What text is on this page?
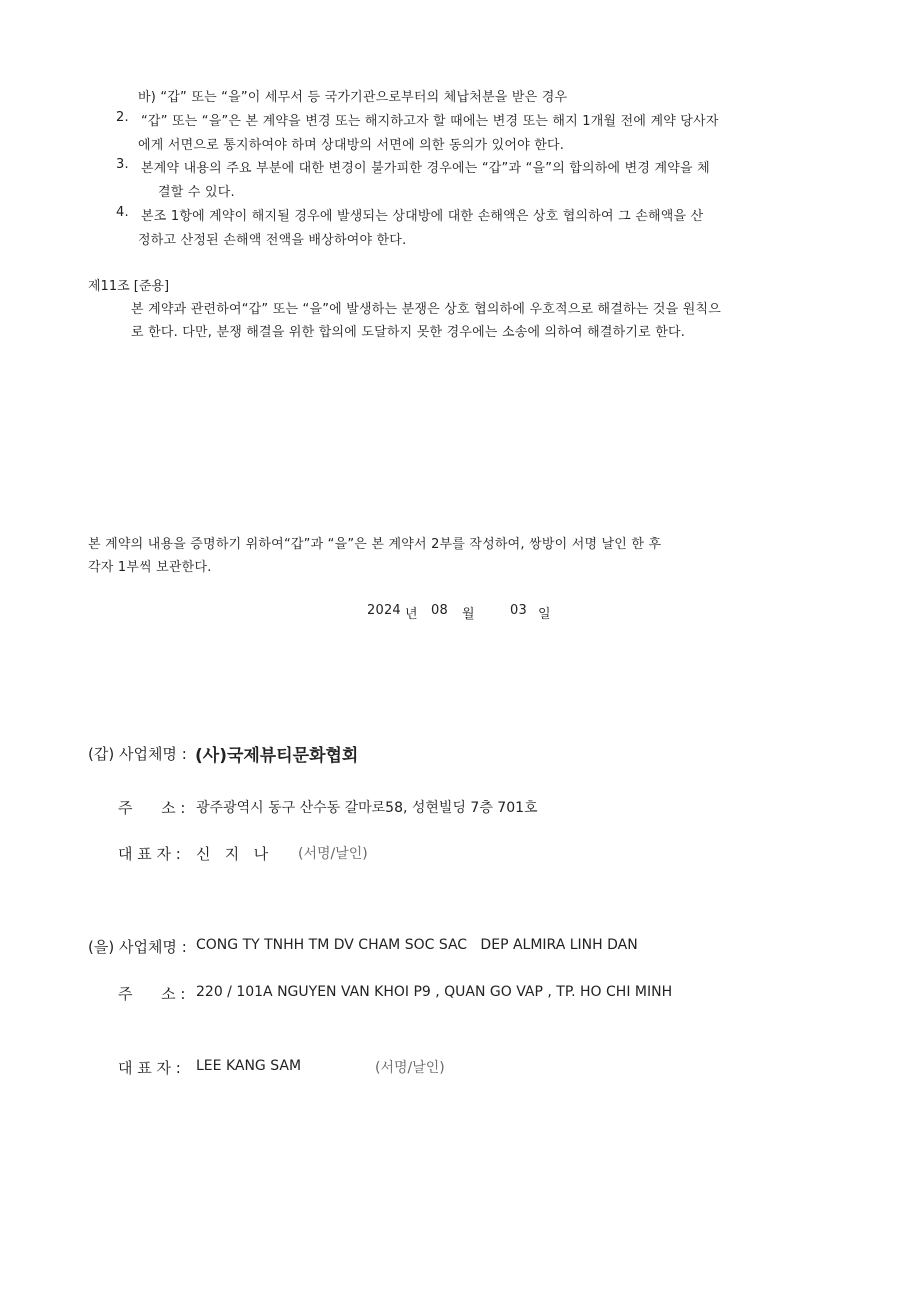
바) “갑” 또는 “을”이 세무서 등 국가기관으로부터의 체납처분을 받은 경우
2. “갑” 또는 “을”은 본 계약을 변경 또는 해지하고자 할 때에는 변경 또는 해지 1개월 전에 계약 당사자
에게 서면으로 통지하여야 하며 상대방의 서면에 의한 동의가 있어야 한다.
3. 본계약 내용의 주요 부분에 대한 변경이 불가피한 경우에는 “갑”과 “을”의 합의하에 변경 계약을 체
결할 수 있다.
4. 본조 1항에 계약이 해지될 경우에 발생되는 상대방에 대한 손해액은 상호 협의하여 그 손해액을 산
정하고 산정된 손해액 전액을 배상하여야 한다.
제11조 [준용]
본 계약과 관련하여“갑” 또는 “을”에 발생하는 분쟁은 상호 협의하에 우호적으로 해결하는 것을 원칙으
로 한다. 다만, 분쟁 해결을 위한 합의에 도달하지 못한 경우에는 소송에 의하여 해결하기로 한다.
본 계약의 내용을 증명하기 위하여“갑”과 “을”은 본 계약서 2부를 작성하여, 쌍방이 서명 날인 한 후
각자 1부씩 보관한다.
2024 년 08 월	03 일
(갑) 사업체명 : (사)국제뷰티문화협회
주      소 : 광주광역시 동구 산수동 갈마로58, 성현빌딩 7층 701호
대 표 자 : 신   지   나 (서명/날인)
(을) 사업체명 : CONG TY TNHH TM DV CHAM SOC SAC   DEP ALMIRA LINH DAN
주      소 : 220 / 101A NGUYEN VAN KHOI P9 , QUAN GO VAP , TP. HO CHI MINH
대 표 자 : LEE KANG SAM	(서명/날인)
